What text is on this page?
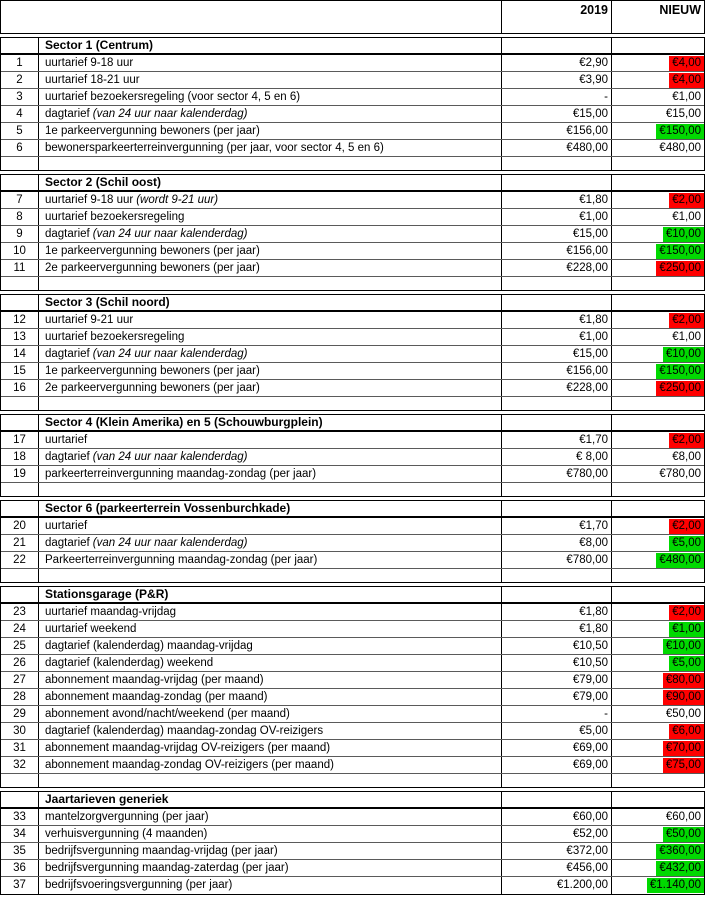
2019	NIEUW
Sector 1 (Centrum)
1	uurtarief 9-18 uur	€2,90	€4,00
2	uurtarief 18-21 uur	€3,90	€4,00
3	uurtarief bezoekersregeling (voor sector 4, 5 en 6)	-	€1,00
4	dagtarief (van 24 uur naar kalenderdag)	€15,00	€15,00
5	1e parkeervergunning bewoners (per jaar)	€156,00	€150,00
6	bewonersparkeerterreinvergunning (per jaar, voor sector 4, 5 en 6)	€480,00	€480,00
Sector 2 (Schil oost)
7	uurtarief 9-18 uur (wordt 9-21 uur)	€1,80	€2,00
8	uurtarief bezoekersregeling	€1,00	€1,00
9	dagtarief (van 24 uur naar kalenderdag)	€15,00	€10,00
10	1e parkeervergunning bewoners (per jaar)	€156,00	€150,00
11	2e parkeervergunning bewoners (per jaar)	€228,00	€250,00
Sector 3 (Schil noord)
12	uurtarief 9-21 uur	€1,80	€2,00
13	uurtarief bezoekersregeling	€1,00	€1,00
14	dagtarief (van 24 uur naar kalenderdag)	€15,00	€10,00
15	1e parkeervergunning bewoners (per jaar)	€156,00	€150,00
16	2e parkeervergunning bewoners (per jaar)	€228,00	€250,00
Sector 4 (Klein Amerika) en 5 (Schouwburgplein)
17	uurtarief	€1,70	€2,00
18	dagtarief (van 24 uur naar kalenderdag)	€ 8,00	€8,00
19	parkeerterreinvergunning maandag-zondag (per jaar)	€780,00	€780,00
Sector 6 (parkeerterrein Vossenburchkade)
20	uurtarief	€1,70	€2,00
21	dagtarief (van 24 uur naar kalenderdag)	€8,00	€5,00
22	Parkeerterreinvergunning maandag-zondag (per jaar)	€780,00	€480,00
Stationsgarage (P&R)
23	uurtarief maandag-vrijdag	€1,80	€2,00
24	uurtarief weekend	€1,80	€1,00
25	dagtarief (kalenderdag) maandag-vrijdag	€10,50	€10,00
26	dagtarief (kalenderdag) weekend	€10,50	€5,00
27	abonnement maandag-vrijdag (per maand)	€79,00	€80,00
28	abonnement maandag-zondag (per maand)	€79,00	€90,00
29	abonnement avond/nacht/weekend (per maand)	-	€50,00
30	dagtarief (kalenderdag) maandag-zondag OV-reizigers	€5,00	€6,00
31	abonnement maandag-vrijdag OV-reizigers (per maand)	€69,00	€70,00
32	abonnement maandag-zondag OV-reizigers (per maand)	€69,00	€75,00
Jaartarieven generiek
33	mantelzorgvergunning (per jaar)	€60,00	€60,00
34	verhuisvergunning (4 maanden)	€52,00	€50,00
35	bedrijfsvergunning maandag-vrijdag (per jaar)	€372,00	€360,00
36	bedrijfsvergunning maandag-zaterdag (per jaar)	€456,00	€432,00
37	bedrijfsvoeringsvergunning (per jaar)	€1.200,00	€1.140,00
